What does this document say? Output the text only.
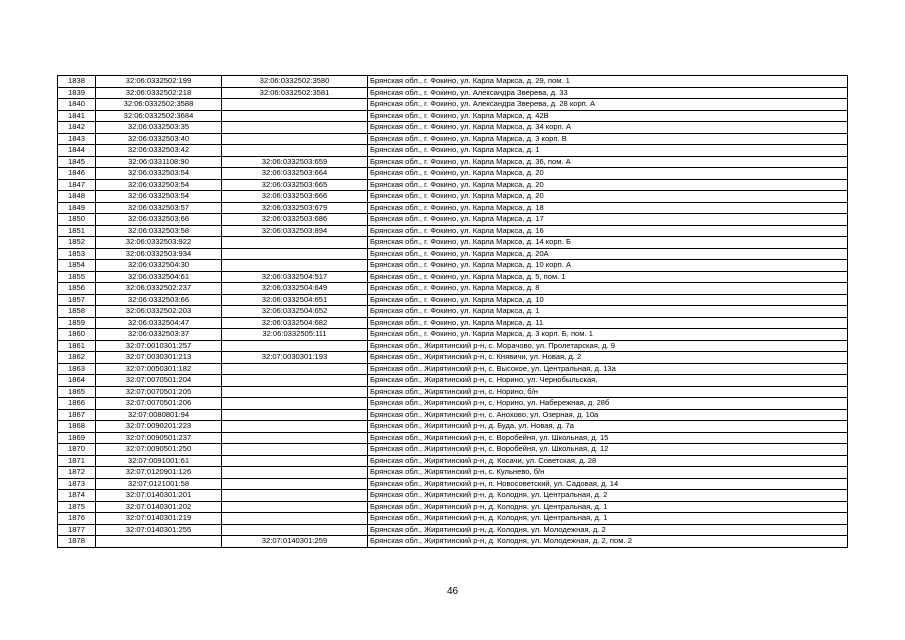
1838	32:06:0332502:199	32:06:0332502:3580	Брянская обл., г. Фокино, ул. Карла Маркса, д. 29, пом. 1
1839	32:06:0332502:218	32:06:0332502:3581	Брянская обл., г. Фокино, ул. Александра Зверева, д. 33
1840	32:06:0332502:3588		Брянская обл., г. Фокино, ул. Александра Зверева, д. 28 корп. А
1841	32:06:0332502:3684		Брянская обл., г. Фокино, ул. Карла Маркса, д. 42В
1842	32:06:0332503:35		Брянская обл., г. Фокино, ул. Карла Маркса, д. 34 корп. А
1843	32:06:0332503:40		Брянская обл., г. Фокино, ул. Карла Маркса, д. 3 корп. В
1844	32:06:0332503:42		Брянская обл., г. Фокино, ул. Карла Маркса, д. 1
1845	32:06:0331108:90	32:06:0332503:659	Брянская обл., г. Фокино, ул. Карла Маркса, д. 36, пом. А
1846	32:06:0332503:54	32:06:0332503:664	Брянская обл., г. Фокино, ул. Карла Маркса, д. 20
1847	32:06:0332503:54	32:06:0332503:665	Брянская обл., г. Фокино, ул. Карла Маркса, д. 20
1848	32:06:0332503:54	32:06:0332503:666	Брянская обл., г. Фокино, ул. Карла Маркса, д. 20
1849	32:06:0332503:57	32:06:0332503:679	Брянская обл., г. Фокино, ул. Карла Маркса, д. 18
1850	32:06:0332503:66	32:06:0332503:686	Брянская обл., г. Фокино, ул. Карла Маркса, д. 17
1851	32:06:0332503:58	32:06:0332503:894	Брянская обл., г. Фокино, ул. Карла Маркса, д. 16
1852	32:06:0332503:922		Брянская обл., г. Фокино, ул. Карла Маркса, д. 14 корп. Б
1853	32:06:0332503:934		Брянская обл., г. Фокино, ул. Карла Маркса, д. 20А
1854	32:06:0332504:30		Брянская обл., г. Фокино, ул. Карла Маркса, д. 10 корп. А
1855	32:06:0332504:61	32:06:0332504:517	Брянская обл., г. Фокино, ул. Карла Маркса, д. 5, пом. 1
1856	32:06:0332502:237	32:06:0332504:649	Брянская обл., г. Фокино, ул. Карла Маркса, д. 8
1857	32:06:0332503:66	32:06:0332504:651	Брянская обл., г. Фокино, ул. Карла Маркса, д. 10
1858	32:06:0332502:203	32:06:0332504:652	Брянская обл., г. Фокино, ул. Карла Маркса, д. 1
1859	32:06:0332504:47	32:06:0332504:682	Брянская обл., г. Фокино, ул. Карла Маркса, д. 11
1860	32:06:0332503:37	32:06:0332505:111	Брянская обл., г. Фокино, ул. Карла Маркса, д. 3 корп. Б, пом. 1
1861	32:07:0010301:257		Брянская обл., Жирятинский р-н, с. Морачово, ул. Пролетарская, д. 9
1862	32:07:0030301:213	32:07:0030301:193	Брянская обл., Жирятинский р-н, с. Княвичи, ул. Новая, д. 2
1863	32:07:0050301:182		Брянская обл., Жирятинский р-н, с. Высокое, ул. Центральная, д. 13а
1864	32:07:0070501:204		Брянская обл., Жирятинский р-н, с. Норино, ул. Чернобыльская,
1865	32:07:0070501:205		Брянская обл., Жирятинский р-н, с. Норино, б/н
1866	32:07:0070501:206		Брянская обл., Жирятинский р-н, с. Норино, ул. Набережная, д. 28б
1867	32:07:0080801:94		Брянская обл., Жирятинский р-н, с. Анохово, ул. Озерная, д. 10а
1868	32:07:0090201:223		Брянская обл., Жирятинский р-н, д. Буда, ул. Новая, д. 7а
1869	32:07:0090501:237		Брянская обл., Жирятинский р-н, с. Воробейня, ул. Школьная, д. 15
1870	32:07:0090501:250		Брянская обл., Жирятинский р-н, с. Воробейня, ул. Школьная, д. 12
1871	32:07:0091001:61		Брянская обл., Жирятинский р-н, д. Косачи, ул. Советская, д. 28
1872	32:07:0120901:126		Брянская обл., Жирятинский р-н, с. Кульнево, б/н
1873	32:07:0121001:58		Брянская обл., Жирятинский р-н, п. Новосоветский, ул. Садовая, д. 14
1874	32:07:0140301:201		Брянская обл., Жирятинский р-н, д. Колодня, ул. Центральная, д. 2
1875	32:07:0140301:202		Брянская обл., Жирятинский р-н, д. Колодня, ул. Центральная, д. 1
1876	32:07:0140301:219		Брянская обл., Жирятинский р-н, д. Колодня, ул. Центральная, д. 1
1877	32:07:0140301:255		Брянская обл., Жирятинский р-н, д. Колодня, ул. Молодежная, д. 2
1878		32:07:0140301:259	Брянская обл., Жирятинский р-н, д. Колодня, ул. Молодежная, д. 2, пом. 2
46
